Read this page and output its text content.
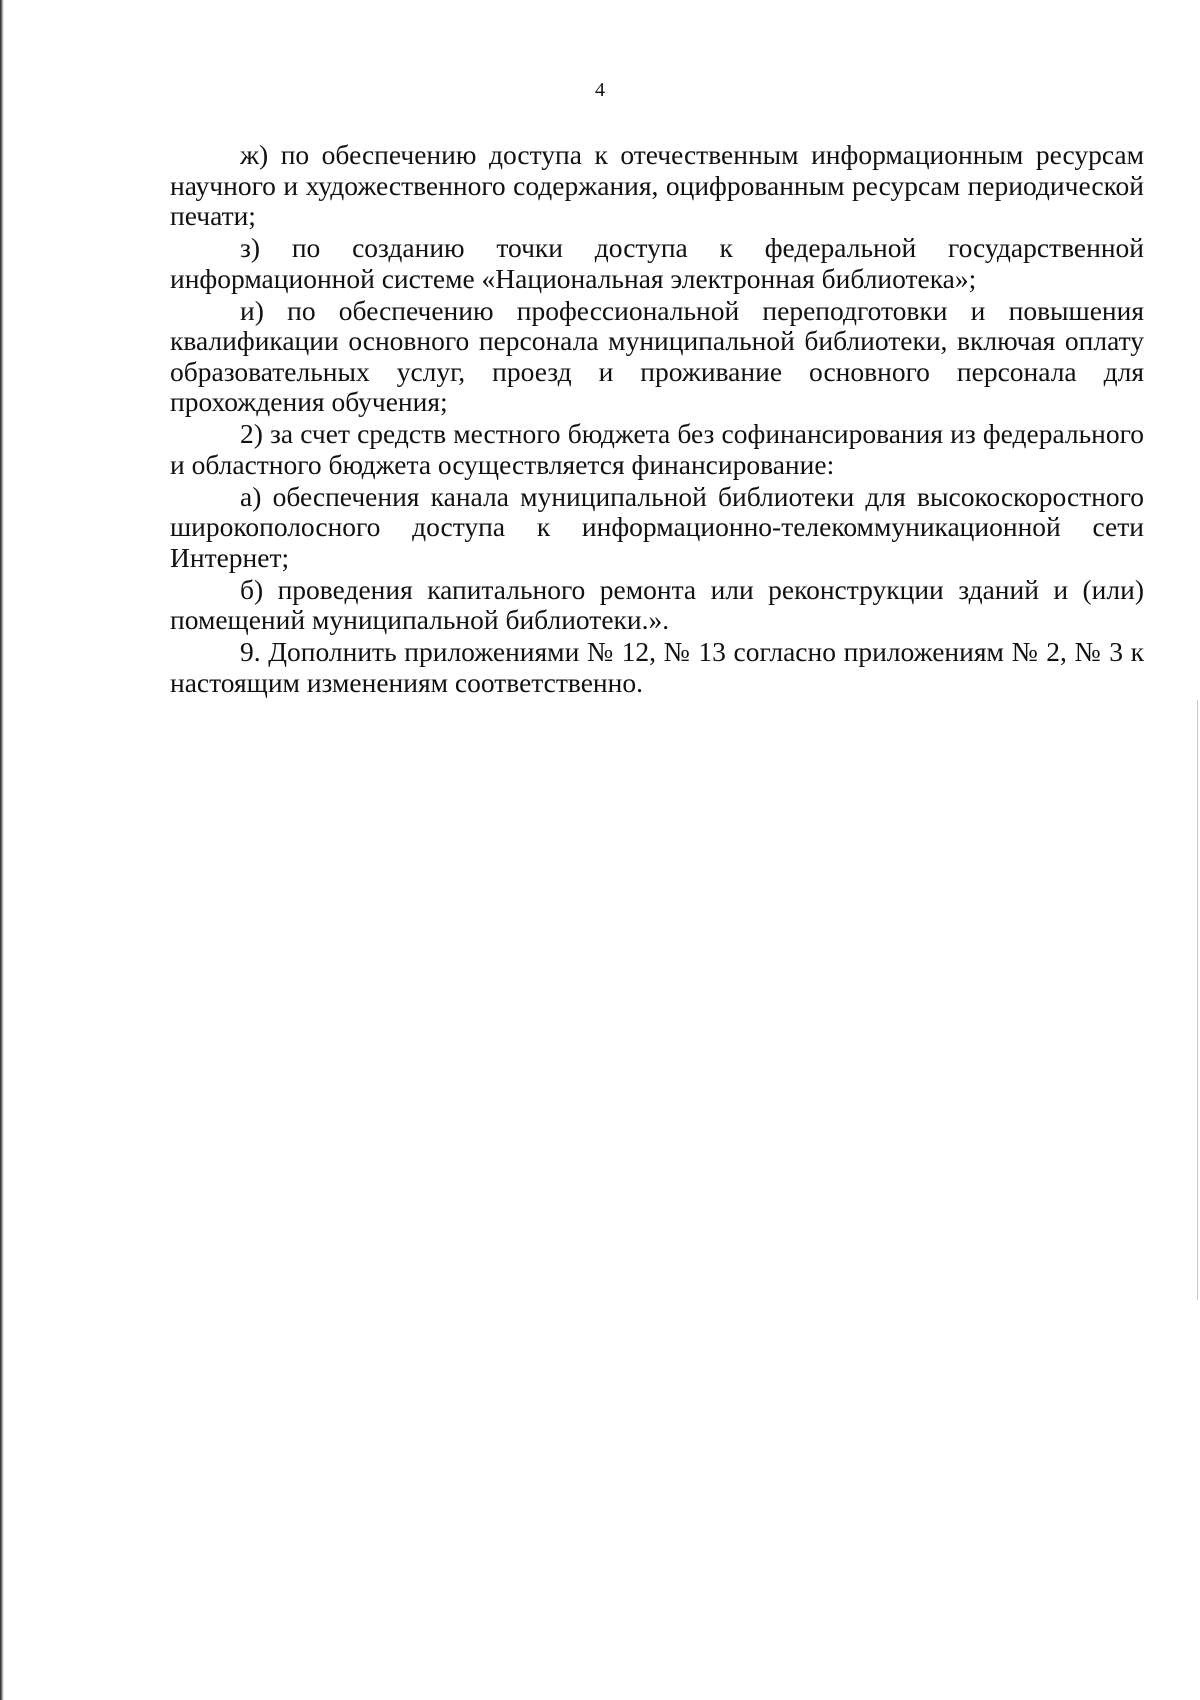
4

ж) по обеспечению доступа к отечественным информационным ресурсам научного и художественного содержания, оцифрованным ресурсам периодической печати;

з) по созданию точки доступа к федеральной государственной информационной системе «Национальная электронная библиотека»;

и) по обеспечению профессиональной переподготовки и повышения квалификации основного персонала муниципальной библиотеки, включая оплату образовательных услуг, проезд и проживание основного персонала для прохождения обучения;

2) за счет средств местного бюджета без софинансирования из федерального и областного бюджета осуществляется финансирование:

а) обеспечения канала муниципальной библиотеки для высокоскоростного широкополосного доступа к информационно-телекоммуникационной сети Интернет;

б) проведения капитального ремонта или реконструкции зданий и (или) помещений муниципальной библиотеки.».

9. Дополнить приложениями № 12, № 13 согласно приложениям № 2, № 3 к настоящим изменениям соответственно.
